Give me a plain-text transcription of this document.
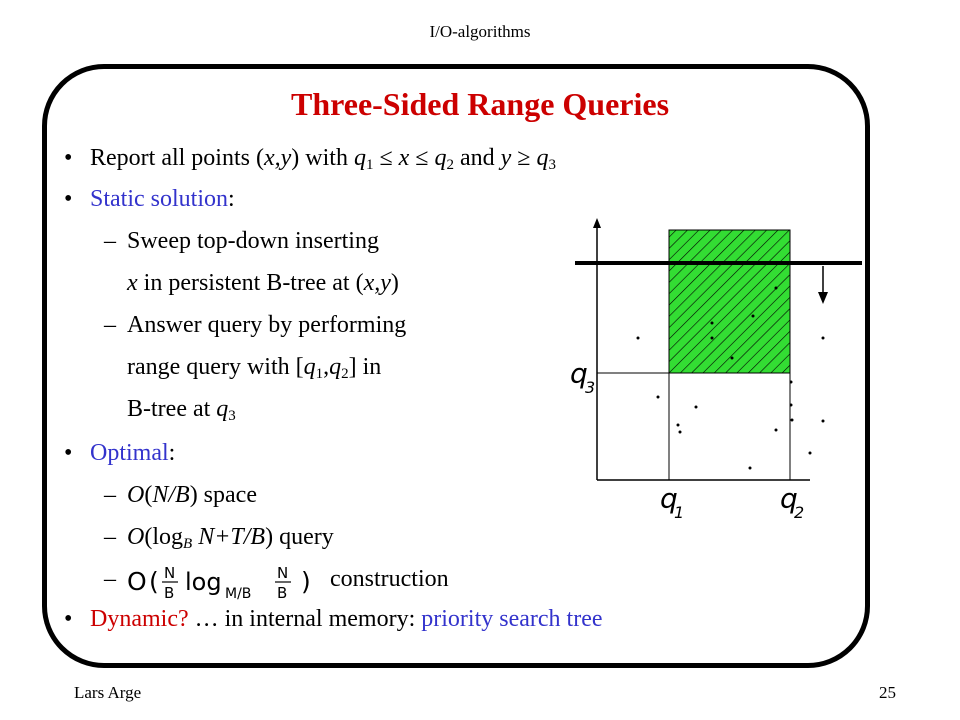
I/O-algorithms
Three-Sided Range Queries
• Report all points (x,y) with $q_1 \le x \le q_2$ and $y \ge q_3$
• Static solution:
– Sweep top-down inserting
x in persistent B-tree at (x,y)
– Answer query by performing
range query with $[q_1,q_2]$ in
B-tree at $q_3$
• Optimal:
– O(N/B) space
– $O(\log_B$ N+T/B) query
– O ( N
B log M/B
N
B ) construction
• Dynamic? … in internal memory: priority search tree
q
3
q
1	q
2
Lars Arge	25
